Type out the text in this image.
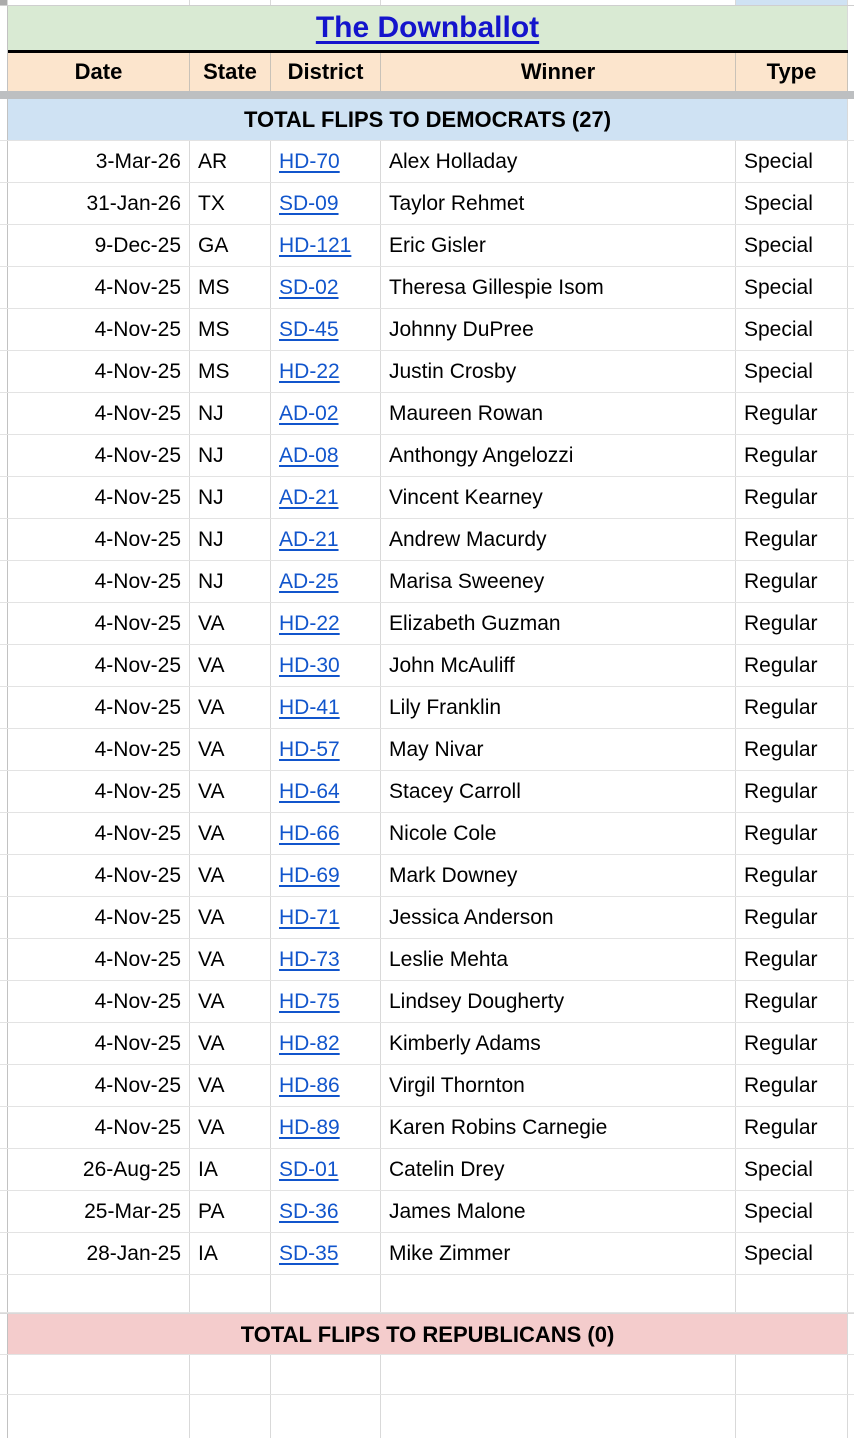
The Downballot
Date	State	District	Winner	Type
TOTAL FLIPS TO DEMOCRATS (27)
3-Mar-26 AR	HD-70	Alex Holladay	Special
31-Jan-26 TX	SD-09	Taylor Rehmet	Special
9-Dec-25 GA	HD-121	Eric Gisler	Special
4-Nov-25 MS	SD-02	Theresa Gillespie Isom	Special
4-Nov-25 MS	SD-45	Johnny DuPree	Special
4-Nov-25 MS	HD-22	Justin Crosby	Special
4-Nov-25 NJ	AD-02	Maureen Rowan	Regular
4-Nov-25 NJ	AD-08	Anthongy Angelozzi	Regular
4-Nov-25 NJ	AD-21	Vincent Kearney	Regular
4-Nov-25 NJ	AD-21	Andrew Macurdy	Regular
4-Nov-25 NJ	AD-25	Marisa Sweeney	Regular
4-Nov-25 VA	HD-22	Elizabeth Guzman	Regular
4-Nov-25 VA	HD-30	John McAuliff	Regular
4-Nov-25 VA	HD-41	Lily Franklin	Regular
4-Nov-25 VA	HD-57	May Nivar	Regular
4-Nov-25 VA	HD-64	Stacey Carroll	Regular
4-Nov-25 VA	HD-66	Nicole Cole	Regular
4-Nov-25 VA	HD-69	Mark Downey	Regular
4-Nov-25 VA	HD-71	Jessica Anderson	Regular
4-Nov-25 VA	HD-73	Leslie Mehta	Regular
4-Nov-25 VA	HD-75	Lindsey Dougherty	Regular
4-Nov-25 VA	HD-82	Kimberly Adams	Regular
4-Nov-25 VA	HD-86	Virgil Thornton	Regular
4-Nov-25 VA	HD-89	Karen Robins Carnegie	Regular
26-Aug-25 IA	SD-01	Catelin Drey	Special
25-Mar-25 PA	SD-36	James Malone	Special
28-Jan-25 IA	SD-35	Mike Zimmer	Special
TOTAL FLIPS TO REPUBLICANS (0)
